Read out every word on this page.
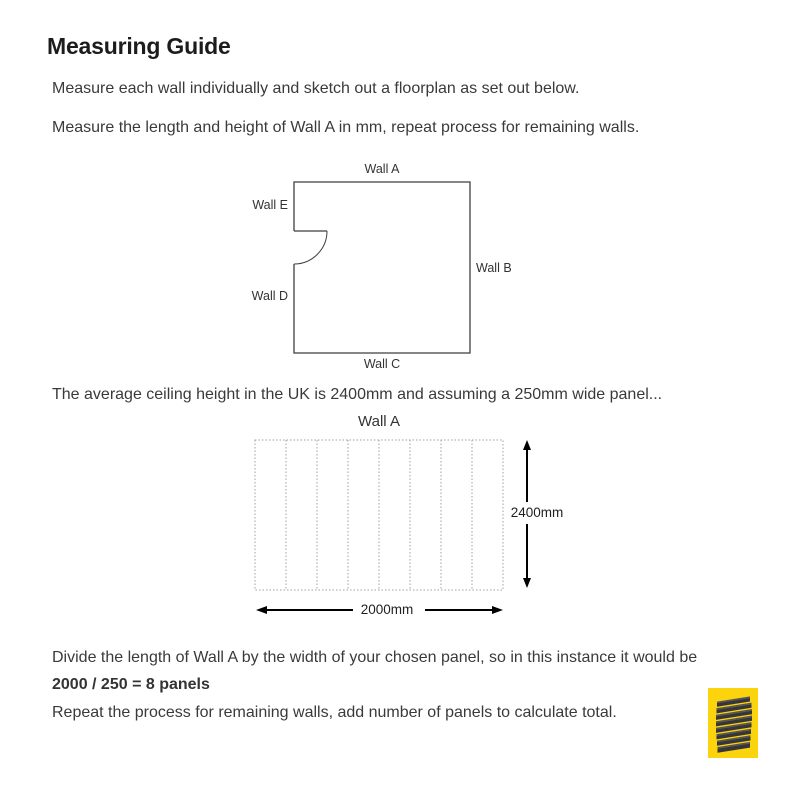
Measuring Guide
Measure each wall individually and sketch out a floorplan as set out below.
Measure the length and height of Wall A in mm, repeat process for remaining walls.
Wall A
Wall E
Wall B
Wall D
Wall C
The average ceiling height in the UK is 2400mm and assuming a 250mm wide panel...
Wall A
2400mm
2000mm
Divide the length of Wall A by the width of your chosen panel, so in this instance it would be
2000 / 250 = 8 panels
Repeat the process for remaining walls, add number of panels to calculate total.
